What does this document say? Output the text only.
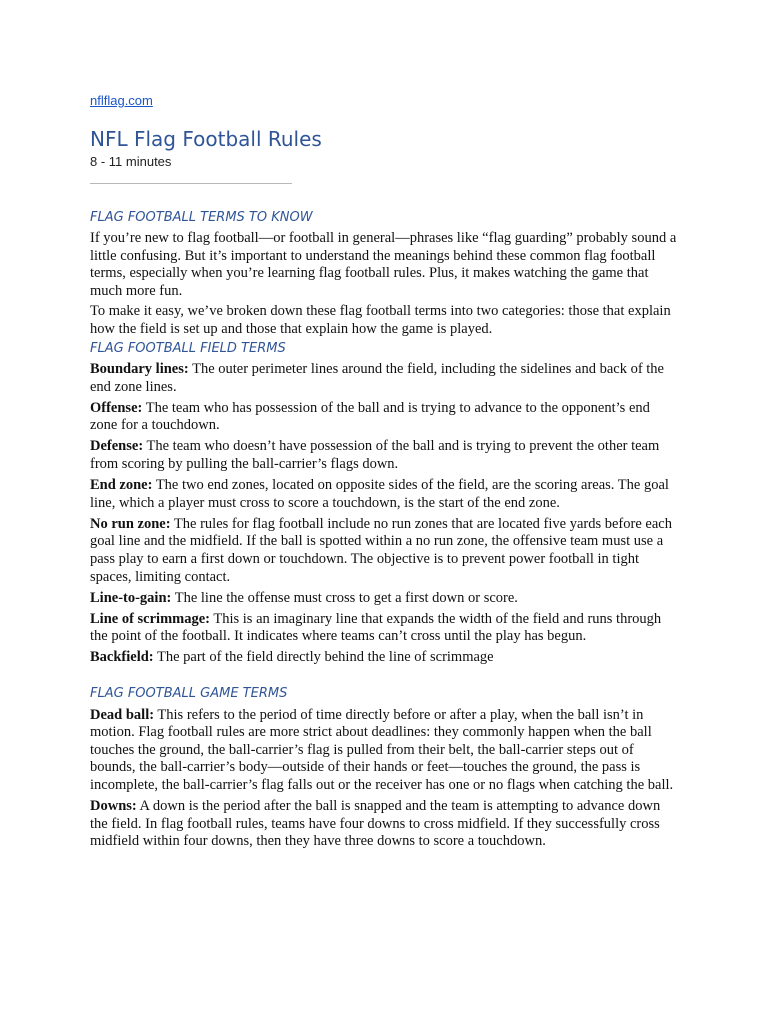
nflflag.com
NFL Flag Football Rules
8 - 11 minutes
FLAG FOOTBALL TERMS TO KNOW

If you’re new to flag football—or football in general—phrases like “flag guarding” probably sound a little confusing. But it’s important to understand the meanings behind these common flag football terms, especially when you’re learning flag football rules. Plus, it makes watching the game that much more fun.

To make it easy, we’ve broken down these flag football terms into two categories: those that explain how the field is set up and those that explain how the game is played.

FLAG FOOTBALL FIELD TERMS

Boundary lines: The outer perimeter lines around the field, including the sidelines and back of the end zone lines.

Offense: The team who has possession of the ball and is trying to advance to the opponent’s end zone for a touchdown.

Defense: The team who doesn’t have possession of the ball and is trying to prevent the other team from scoring by pulling the ball-carrier’s flags down.

End zone: The two end zones, located on opposite sides of the field, are the scoring areas. The goal line, which a player must cross to score a touchdown, is the start of the end zone.

No run zone: The rules for flag football include no run zones that are located five yards before each goal line and the midfield. If the ball is spotted within a no run zone, the offensive team must use a pass play to earn a first down or touchdown. The objective is to prevent power football in tight spaces, limiting contact.

Line-to-gain: The line the offense must cross to get a first down or score.

Line of scrimmage: This is an imaginary line that expands the width of the field and runs through the point of the football. It indicates where teams can’t cross until the play has begun.

Backfield: The part of the field directly behind the line of scrimmage

FLAG FOOTBALL GAME TERMS

Dead ball: This refers to the period of time directly before or after a play, when the ball isn’t in motion. Flag football rules are more strict about deadlines: they commonly happen when the ball touches the ground, the ball-carrier’s flag is pulled from their belt, the ball-carrier steps out of bounds, the ball-carrier’s body—outside of their hands or feet—touches the ground, the pass is incomplete, the ball-carrier’s flag falls out or the receiver has one or no flags when catching the ball.

Downs: A down is the period after the ball is snapped and the team is attempting to advance down the field. In flag football rules, teams have four downs to cross midfield. If they successfully cross midfield within four downs, then they have three downs to score a touchdown.
